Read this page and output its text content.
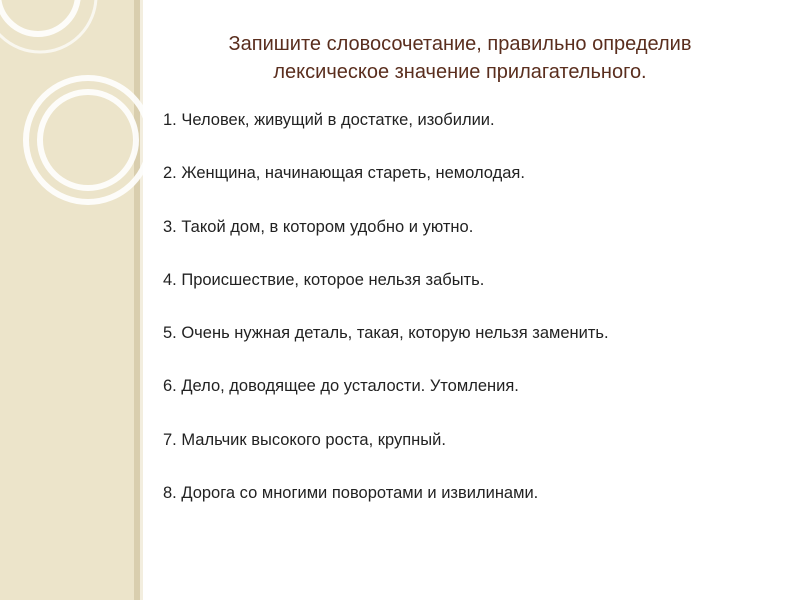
Запишите словосочетание, правильно определив
лексическое значение прилагательного.
1. Человек, живущий в достатке, изобилии.
2. Женщина, начинающая стареть, немолодая.
3. Такой дом, в котором удобно и уютно.
4. Происшествие, которое нельзя забыть.
5. Очень нужная деталь, такая, которую нельзя заменить.
6. Дело, доводящее до усталости. Утомления.
7. Мальчик высокого роста, крупный.
8. Дорога со многими поворотами и извилинами.
